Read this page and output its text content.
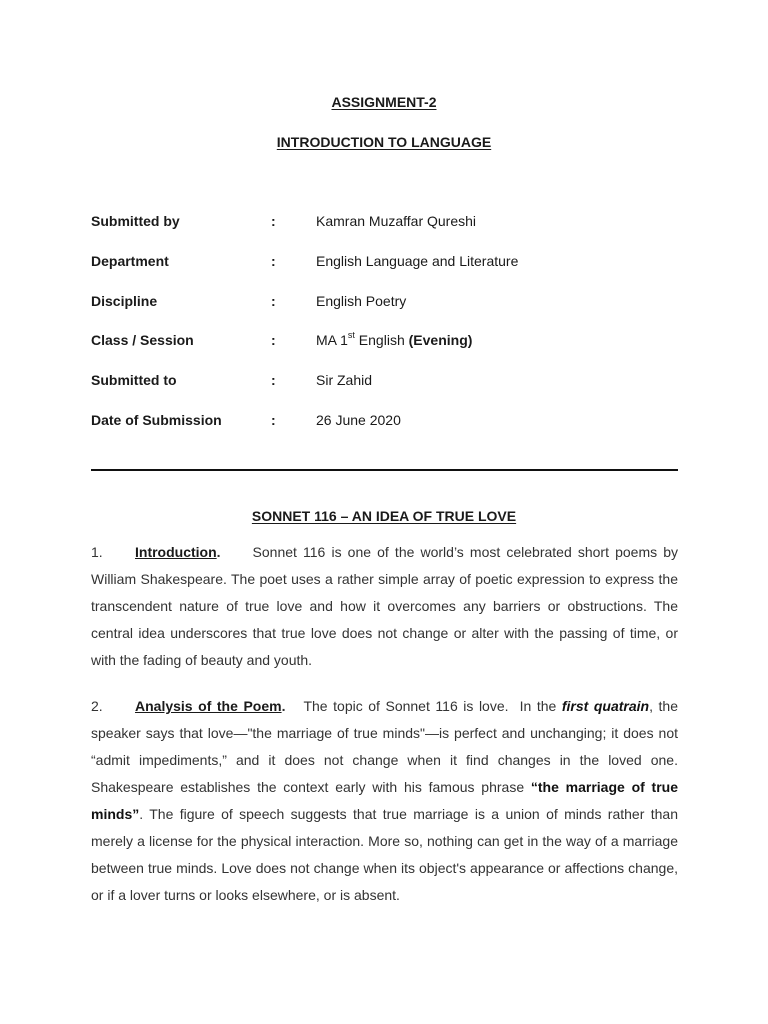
ASSIGNMENT-2
INTRODUCTION TO LANGUAGE
Submitted by	:	Kamran Muzaffar Qureshi
Department	:	English Language and Literature
Discipline	:	English Poetry
Class / Session	:	MA 1st English (Evening)
Submitted to	:	Sir Zahid
Date of Submission	:	26 June 2020
SONNET 116 – AN IDEA OF TRUE LOVE
1. Introduction. Sonnet 116 is one of the world’s most celebrated short poems by William Shakespeare. The poet uses a rather simple array of poetic expression to express the transcendent nature of true love and how it overcomes any barriers or obstructions. The central idea underscores that true love does not change or alter with the passing of time, or with the fading of beauty and youth.
2. Analysis of the Poem. The topic of Sonnet 116 is love.  In the first quatrain, the speaker says that love—"the marriage of true minds"—is perfect and unchanging; it does not “admit impediments,” and it does not change when it find changes in the loved one. Shakespeare establishes the context early with his famous phrase “the marriage of true minds”. The figure of speech suggests that true marriage is a union of minds rather than merely a license for the physical interaction. More so, nothing can get in the way of a marriage between true minds. Love does not change when its object's appearance or affections change, or if a lover turns or looks elsewhere, or is absent.
